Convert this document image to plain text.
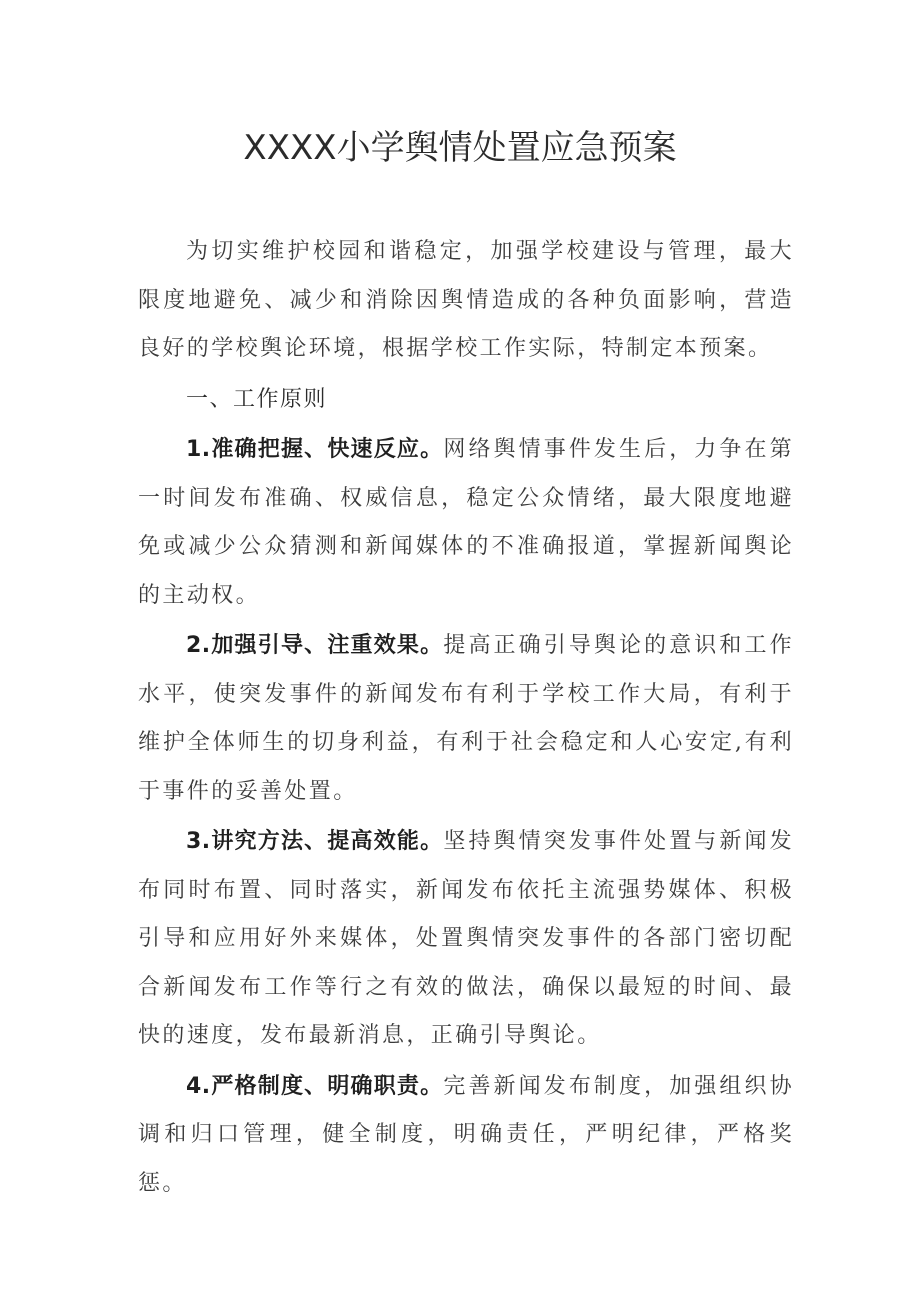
XXXX小学舆情处置应急预案

为切实维护校园和谐稳定，加强学校建设与管理，最大限度地避免、减少和消除因舆情造成的各种负面影响，营造良好的学校舆论环境，根据学校工作实际，特制定本预案。

一、工作原则

1.准确把握、快速反应。网络舆情事件发生后，力争在第一时间发布准确、权威信息，稳定公众情绪，最大限度地避免或减少公众猜测和新闻媒体的不准确报道，掌握新闻舆论的主动权。

2.加强引导、注重效果。提高正确引导舆论的意识和工作水平，使突发事件的新闻发布有利于学校工作大局，有利于维护全体师生的切身利益，有利于社会稳定和人心安定,有利于事件的妥善处置。

3.讲究方法、提高效能。坚持舆情突发事件处置与新闻发布同时布置、同时落实，新闻发布依托主流强势媒体、积极引导和应用好外来媒体，处置舆情突发事件的各部门密切配合新闻发布工作等行之有效的做法，确保以最短的时间、最快的速度，发布最新消息，正确引导舆论。

4.严格制度、明确职责。完善新闻发布制度，加强组织协调和归口管理，健全制度，明确责任，严明纪律，严格奖惩。
